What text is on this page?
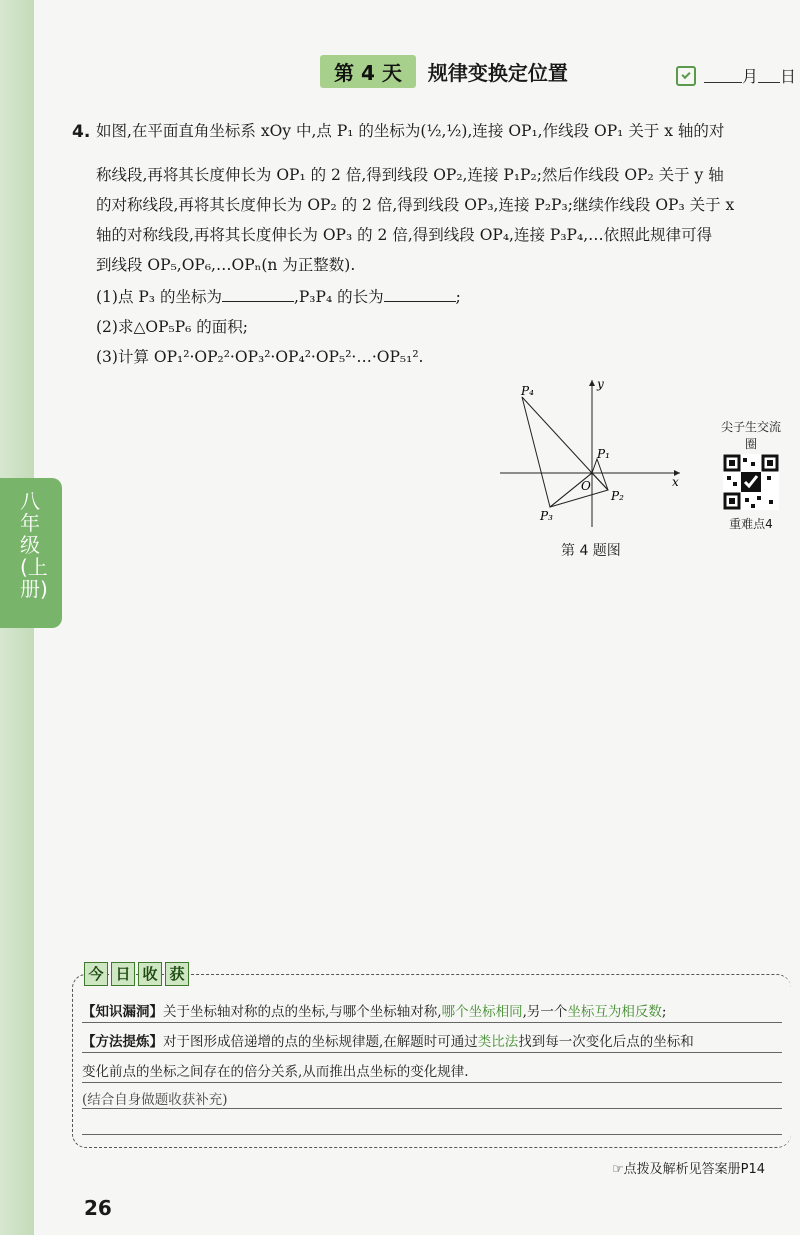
八年级(上册)
第 4 天	规律变换定位置	月 日
4. 如图,在平面直角坐标系 xOy 中,点 P₁ 的坐标为(½,½),连接 OP₁,作线段 OP₁ 关于 x 轴的对
称线段,再将其长度伸长为 OP₁ 的 2 倍,得到线段 OP₂,连接 P₁P₂;然后作线段 OP₂ 关于 y 轴
的对称线段,再将其长度伸长为 OP₂ 的 2 倍,得到线段 OP₃,连接 P₂P₃;继续作线段 OP₃ 关于 x
轴的对称线段,再将其长度伸长为 OP₃ 的 2 倍,得到线段 OP₄,连接 P₃P₄,…依照此规律可得
到线段 OP₅,OP₆,…OPₙ(n 为正整数).
(1)点 P₃ 的坐标为	,P₃P₄ 的长为	;
(2)求△OP₅P₆ 的面积;
(3)计算 OP₁²·OP₂²·OP₃²·OP₄²·OP₅²·…·OP₅₁².
P₁
P₂
P₃
P₄
O	x
y
第 4 题图
尖子生交流圈
重难点4
今 日 收 获
【知识漏洞】关于坐标轴对称的点的坐标,与哪个坐标轴对称,哪个坐标相同,另一个坐标互为相反数;
【方法提炼】对于图形成倍递增的点的坐标规律题,在解题时可通过类比法找到每一次变化后点的坐标和
变化前点的坐标之间存在的倍分关系,从而推出点坐标的变化规律.
(结合自身做题收获补充)
☞点拨及解析见答案册P14
26
